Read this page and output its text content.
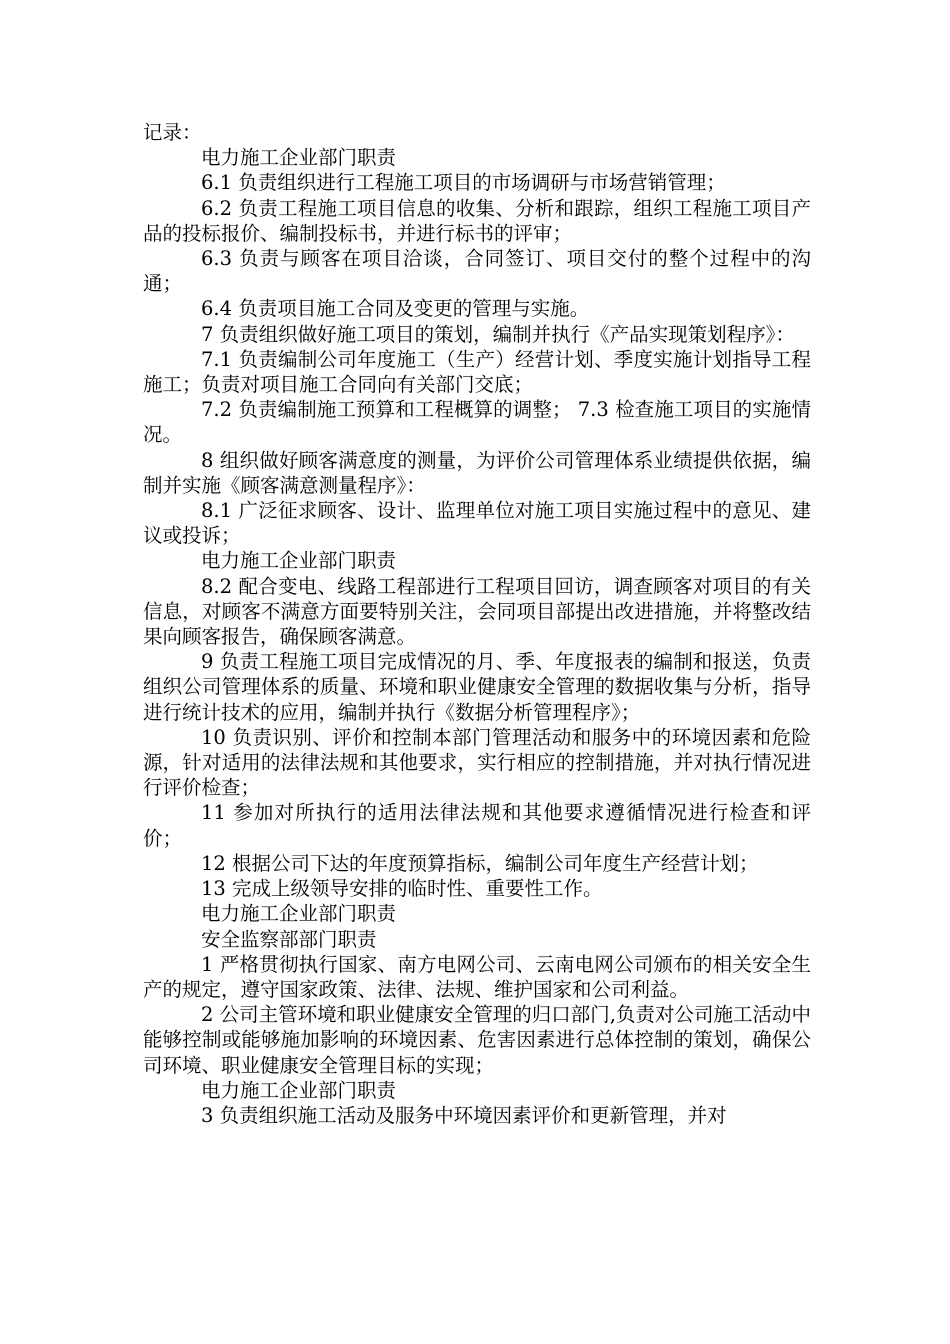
记录：

电力施工企业部门职责

6.1 负责组织进行工程施工项目的市场调研与市场营销管理；

6.2 负责工程施工项目信息的收集、分析和跟踪，组织工程施工项目产品的投标报价、编制投标书，并进行标书的评审；

6.3 负责与顾客在项目洽谈，合同签订、项目交付的整个过程中的沟通；

6.4 负责项目施工合同及变更的管理与实施。

7 负责组织做好施工项目的策划，编制并执行《产品实现策划程序》：

7.1 负责编制公司年度施工（生产）经营计划、季度实施计划指导工程施工；负责对项目施工合同向有关部门交底；

7.2 负责编制施工预算和工程概算的调整； 7.3 检查施工项目的实施情况。

8 组织做好顾客满意度的测量，为评价公司管理体系业绩提供依据，编制并实施《顾客满意测量程序》：

8.1 广泛征求顾客、设计、监理单位对施工项目实施过程中的意见、建议或投诉；

电力施工企业部门职责

8.2 配合变电、线路工程部进行工程项目回访，调查顾客对项目的有关信息，对顾客不满意方面要特别关注，会同项目部提出改进措施，并将整改结果向顾客报告，确保顾客满意。

9 负责工程施工项目完成情况的月、季、年度报表的编制和报送，负责组织公司管理体系的质量、环境和职业健康安全管理的数据收集与分析，指导进行统计技术的应用，编制并执行《数据分析管理程序》；

10 负责识别、评价和控制本部门管理活动和服务中的环境因素和危险源，针对适用的法律法规和其他要求，实行相应的控制措施，并对执行情况进行评价检查；

11 参加对所执行的适用法律法规和其他要求遵循情况进行检查和评价；

12 根据公司下达的年度预算指标，编制公司年度生产经营计划；

13 完成上级领导安排的临时性、重要性工作。

电力施工企业部门职责

安全监察部部门职责

1 严格贯彻执行国家、南方电网公司、云南电网公司颁布的相关安全生产的规定，遵守国家政策、法律、法规、维护国家和公司利益。

2 公司主管环境和职业健康安全管理的归口部门,负责对公司施工活动中能够控制或能够施加影响的环境因素、危害因素进行总体控制的策划，确保公司环境、职业健康安全管理目标的实现；

电力施工企业部门职责

3 负责组织施工活动及服务中环境因素评价和更新管理，并对
